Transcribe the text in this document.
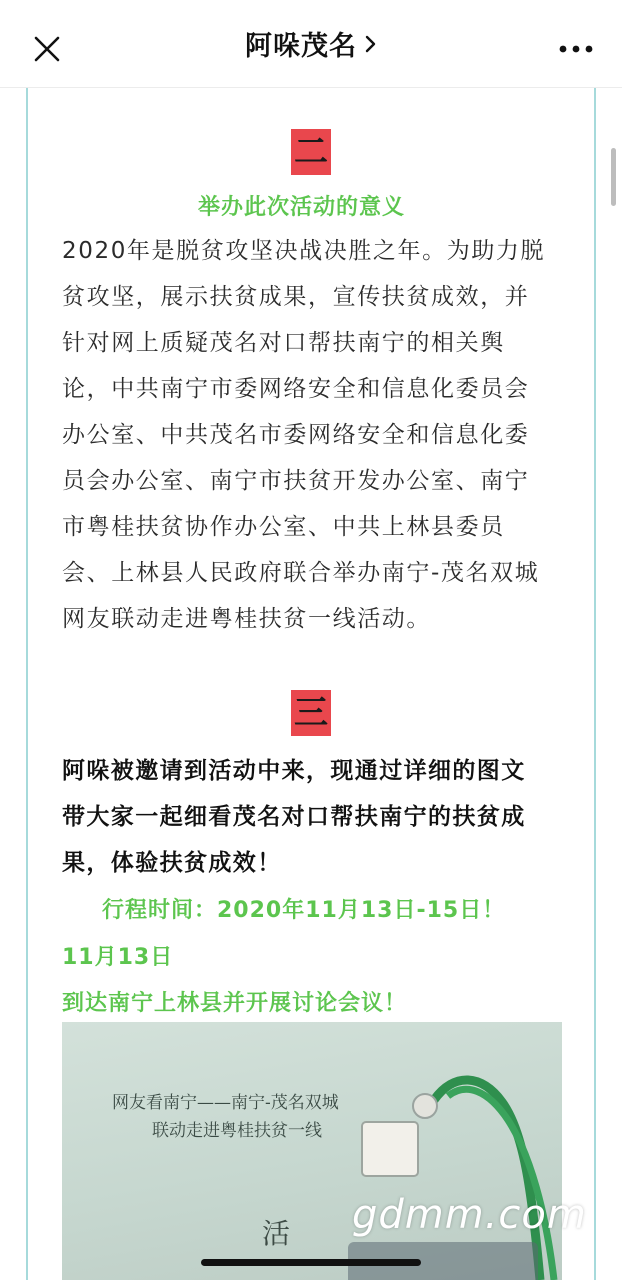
阿哚茂名
二
举办此次活动的意义
2020年是脱贫攻坚决战决胜之年。为助力脱
贫攻坚，展示扶贫成果，宣传扶贫成效，并
针对网上质疑茂名对口帮扶南宁的相关舆
论，中共南宁市委网络安全和信息化委员会
办公室、中共茂名市委网络安全和信息化委
员会办公室、南宁市扶贫开发办公室、南宁
市粤桂扶贫协作办公室、中共上林县委员
会、上林县人民政府联合举办南宁-茂名双城
网友联动走进粤桂扶贫一线活动。
三
阿哚被邀请到活动中来，现通过详细的图文
带大家一起细看茂名对口帮扶南宁的扶贫成
果，体验扶贫成效！
行程时间：2020年11月13日-15日！
11月13日
到达南宁上林县并开展讨论会议！
网友看南宁——南宁-茂名双城
联动走进粤桂扶贫一线
活 gdmm.com
